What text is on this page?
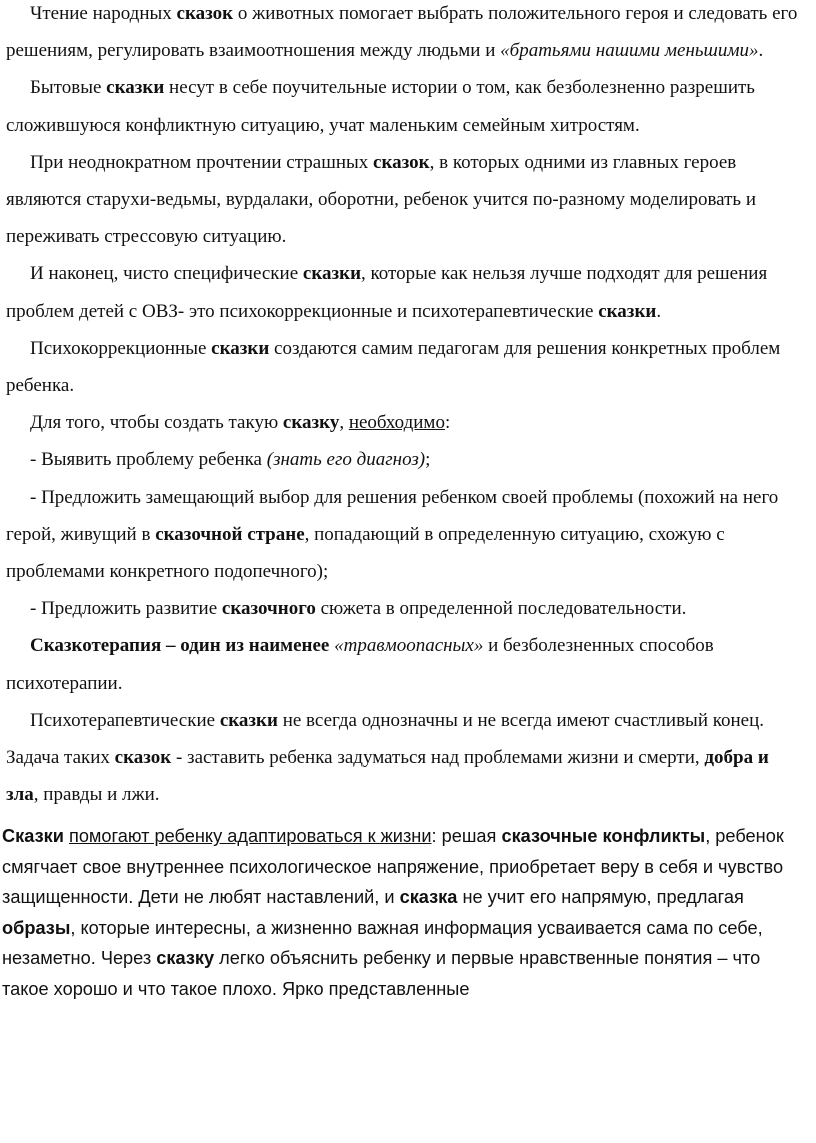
Чтение народных сказок о животных помогает выбрать положительного героя и следовать его решениям, регулировать взаимоотношения между людьми и «братьями нашими меньшими».

Бытовые сказки несут в себе поучительные истории о том, как безболезненно разрешить сложившуюся конфликтную ситуацию, учат маленьким семейным хитростям.

При неоднократном прочтении страшных сказок, в которых одними из главных героев являются старухи-ведьмы, вурдалаки, оборотни, ребенок учится по-разному моделировать и переживать стрессовую ситуацию.

И наконец, чисто специфические сказки, которые как нельзя лучше подходят для решения проблем детей с ОВЗ- это психокоррекционные и психотерапевтические сказки.

Психокоррекционные сказки создаются самим педагогам для решения конкретных проблем ребенка.

Для того, чтобы создать такую сказку, необходимо:

- Выявить проблему ребенка (знать его диагноз);

- Предложить замещающий выбор для решения ребенком своей проблемы (похожий на него герой, живущий в сказочной стране, попадающий в определенную ситуацию, схожую с проблемами конкретного подопечного);

- Предложить развитие сказочного сюжета в определенной последовательности.

Сказкотерапия – один из наименее «травмоопасных» и безболезненных способов психотерапии.

Психотерапевтические сказки не всегда однозначны и не всегда имеют счастливый конец. Задача таких сказок - заставить ребенка задуматься над проблемами жизни и смерти, добра и зла, правды и лжи.

Сказки помогают ребенку адаптироваться к жизни: решая сказочные конфликты, ребенок смягчает свое внутреннее психологическое напряжение, приобретает веру в себя и чувство защищенности. Дети не любят наставлений, и сказка не учит его напрямую, предлагая образы, которые интересны, а жизненно важная информация усваивается сама по себе, незаметно. Через сказку легко объяснить ребенку и первые нравственные понятия – что такое хорошо и что такое плохо. Ярко представленные
